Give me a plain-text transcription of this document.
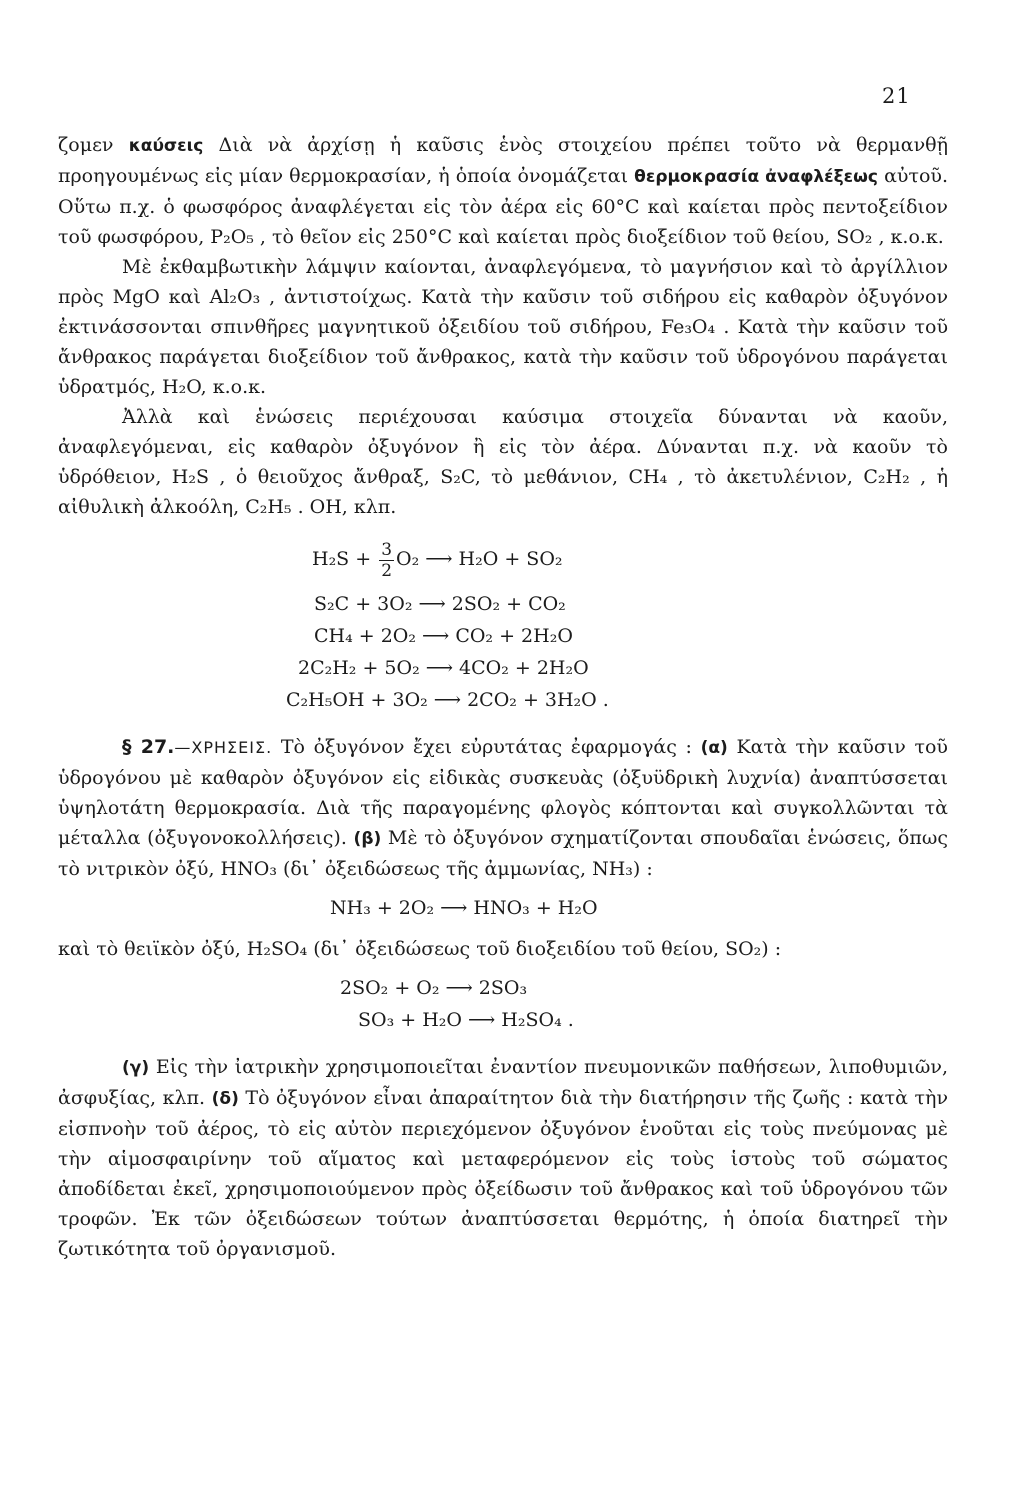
21

ζομεν καύσεις Διὰ νὰ ἀρχίσῃ ἡ καῦσις ἑνὸς στοιχείου πρέπει τοῦτο νὰ θερμανθῇ προηγουμένως εἰς μίαν θερμοκρασίαν, ἡ ὁποία ὀνομάζεται θερμοκρασία ἀναφλέξεως αὐτοῦ. Οὕτω π.χ. ὁ φωσφόρος ἀναφλέγεται εἰς τὸν ἀέρα εἰς 60°C καὶ καίεται πρὸς πεντοξείδιον τοῦ φωσφόρου, P₂O₅ , τὸ θεῖον εἰς 250°C καὶ καίεται πρὸς διοξείδιον τοῦ θείου, SO₂ , κ.ο.κ.

Μὲ ἐκθαμβωτικὴν λάμψιν καίονται, ἀναφλεγόμενα, τὸ μαγνήσιον καὶ τὸ ἀργίλλιον πρὸς MgO καὶ Al₂O₃ , ἀντιστοίχως. Κατὰ τὴν καῦσιν τοῦ σιδήρου εἰς καθαρὸν ὀξυγόνον ἐκτινάσσονται σπινθῆρες μαγνητικοῦ ὀξειδίου τοῦ σιδήρου, Fe₃O₄ . Κατὰ τὴν καῦσιν τοῦ ἄνθρακος παράγεται διοξείδιον τοῦ ἄνθρακος, κατὰ τὴν καῦσιν τοῦ ὑδρογόνου παράγεται ὑδρατμός, H₂O, κ.ο.κ.

Ἀλλὰ καὶ ἑνώσεις περιέχουσαι καύσιμα στοιχεῖα δύνανται νὰ καοῦν, ἀναφλεγόμεναι, εἰς καθαρὸν ὀξυγόνον ἢ εἰς τὸν ἀέρα. Δύνανται π.χ. νὰ καοῦν τὸ ὑδρόθειον, H₂S , ὁ θειοῦχος ἄνθραξ, S₂C, τὸ μεθάνιον, CH₄ , τὸ ἀκετυλένιον, C₂H₂ , ἡ αἰθυλικὴ ἀλκοόλη, C₂H₅ . OH, κλπ.

$H_2S + \frac{3}{2} O_2$ ⟶ H₂O + SO₂
S₂C + 3O₂ ⟶ 2SO₂ + CO₂
CH₄ + 2O₂ ⟶ CO₂ + 2H₂O
2C₂H₂ + 5O₂ ⟶ 4CO₂ + 2H₂O
C₂H₅OH + 3O₂ ⟶ 2CO₂ + 3H₂O .

§ 27.—ΧΡΗΣΕΙΣ. Τὸ ὀξυγόνον ἔχει εὐρυτάτας ἐφαρμογάς : (α) Κατὰ τὴν καῦσιν τοῦ ὑδρογόνου μὲ καθαρὸν ὀξυγόνον εἰς εἰδικὰς συσκευὰς (ὀξυϋδρικὴ λυχνία) ἀναπτύσσεται ὑψηλοτάτη θερμοκρασία. Διὰ τῆς παραγομένης φλογὸς κόπτονται καὶ συγκολλῶνται τὰ μέταλλα (ὀξυγονοκολλήσεις). (β) Μὲ τὸ ὀξυγόνον σχηματίζονται σπουδαῖαι ἑνώσεις, ὅπως τὸ νιτρικὸν ὀξύ, HNO₃ (δι᾽ ὀξειδώσεως τῆς ἀμμωνίας, NH₃) :

NH₃ + 2O₂ ⟶ HNO₃ + H₂O

καὶ τὸ θειϊκὸν ὀξύ, H₂SO₄ (δι᾽ ὀξειδώσεως τοῦ διοξειδίου τοῦ θείου, SO₂) :

2SO₂ + O₂ ⟶ 2SO₃
SO₃ + H₂O ⟶ H₂SO₄ .

(γ) Εἰς τὴν ἰατρικὴν χρησιμοποιεῖται ἐναντίον πνευμονικῶν παθήσεων, λιποθυμιῶν, ἀσφυξίας, κλπ. (δ) Τὸ ὀξυγόνον εἶναι ἀπαραίτητον διὰ τὴν διατήρησιν τῆς ζωῆς : κατὰ τὴν εἰσπνοὴν τοῦ ἀέρος, τὸ εἰς αὐτὸν περιεχόμενον ὀξυγόνον ἑνοῦται εἰς τοὺς πνεύμονας μὲ τὴν αἱμοσφαιρίνην τοῦ αἵματος καὶ μεταφερόμενον εἰς τοὺς ἱστοὺς τοῦ σώματος ἀποδίδεται ἐκεῖ, χρησιμοποιούμενον πρὸς ὀξείδωσιν τοῦ ἄνθρακος καὶ τοῦ ὑδρογόνου τῶν τροφῶν. Ἐκ τῶν ὀξειδώσεων τούτων ἀναπτύσσεται θερμότης, ἡ ὁποία διατηρεῖ τὴν ζωτικότητα τοῦ ὀργανισμοῦ.
